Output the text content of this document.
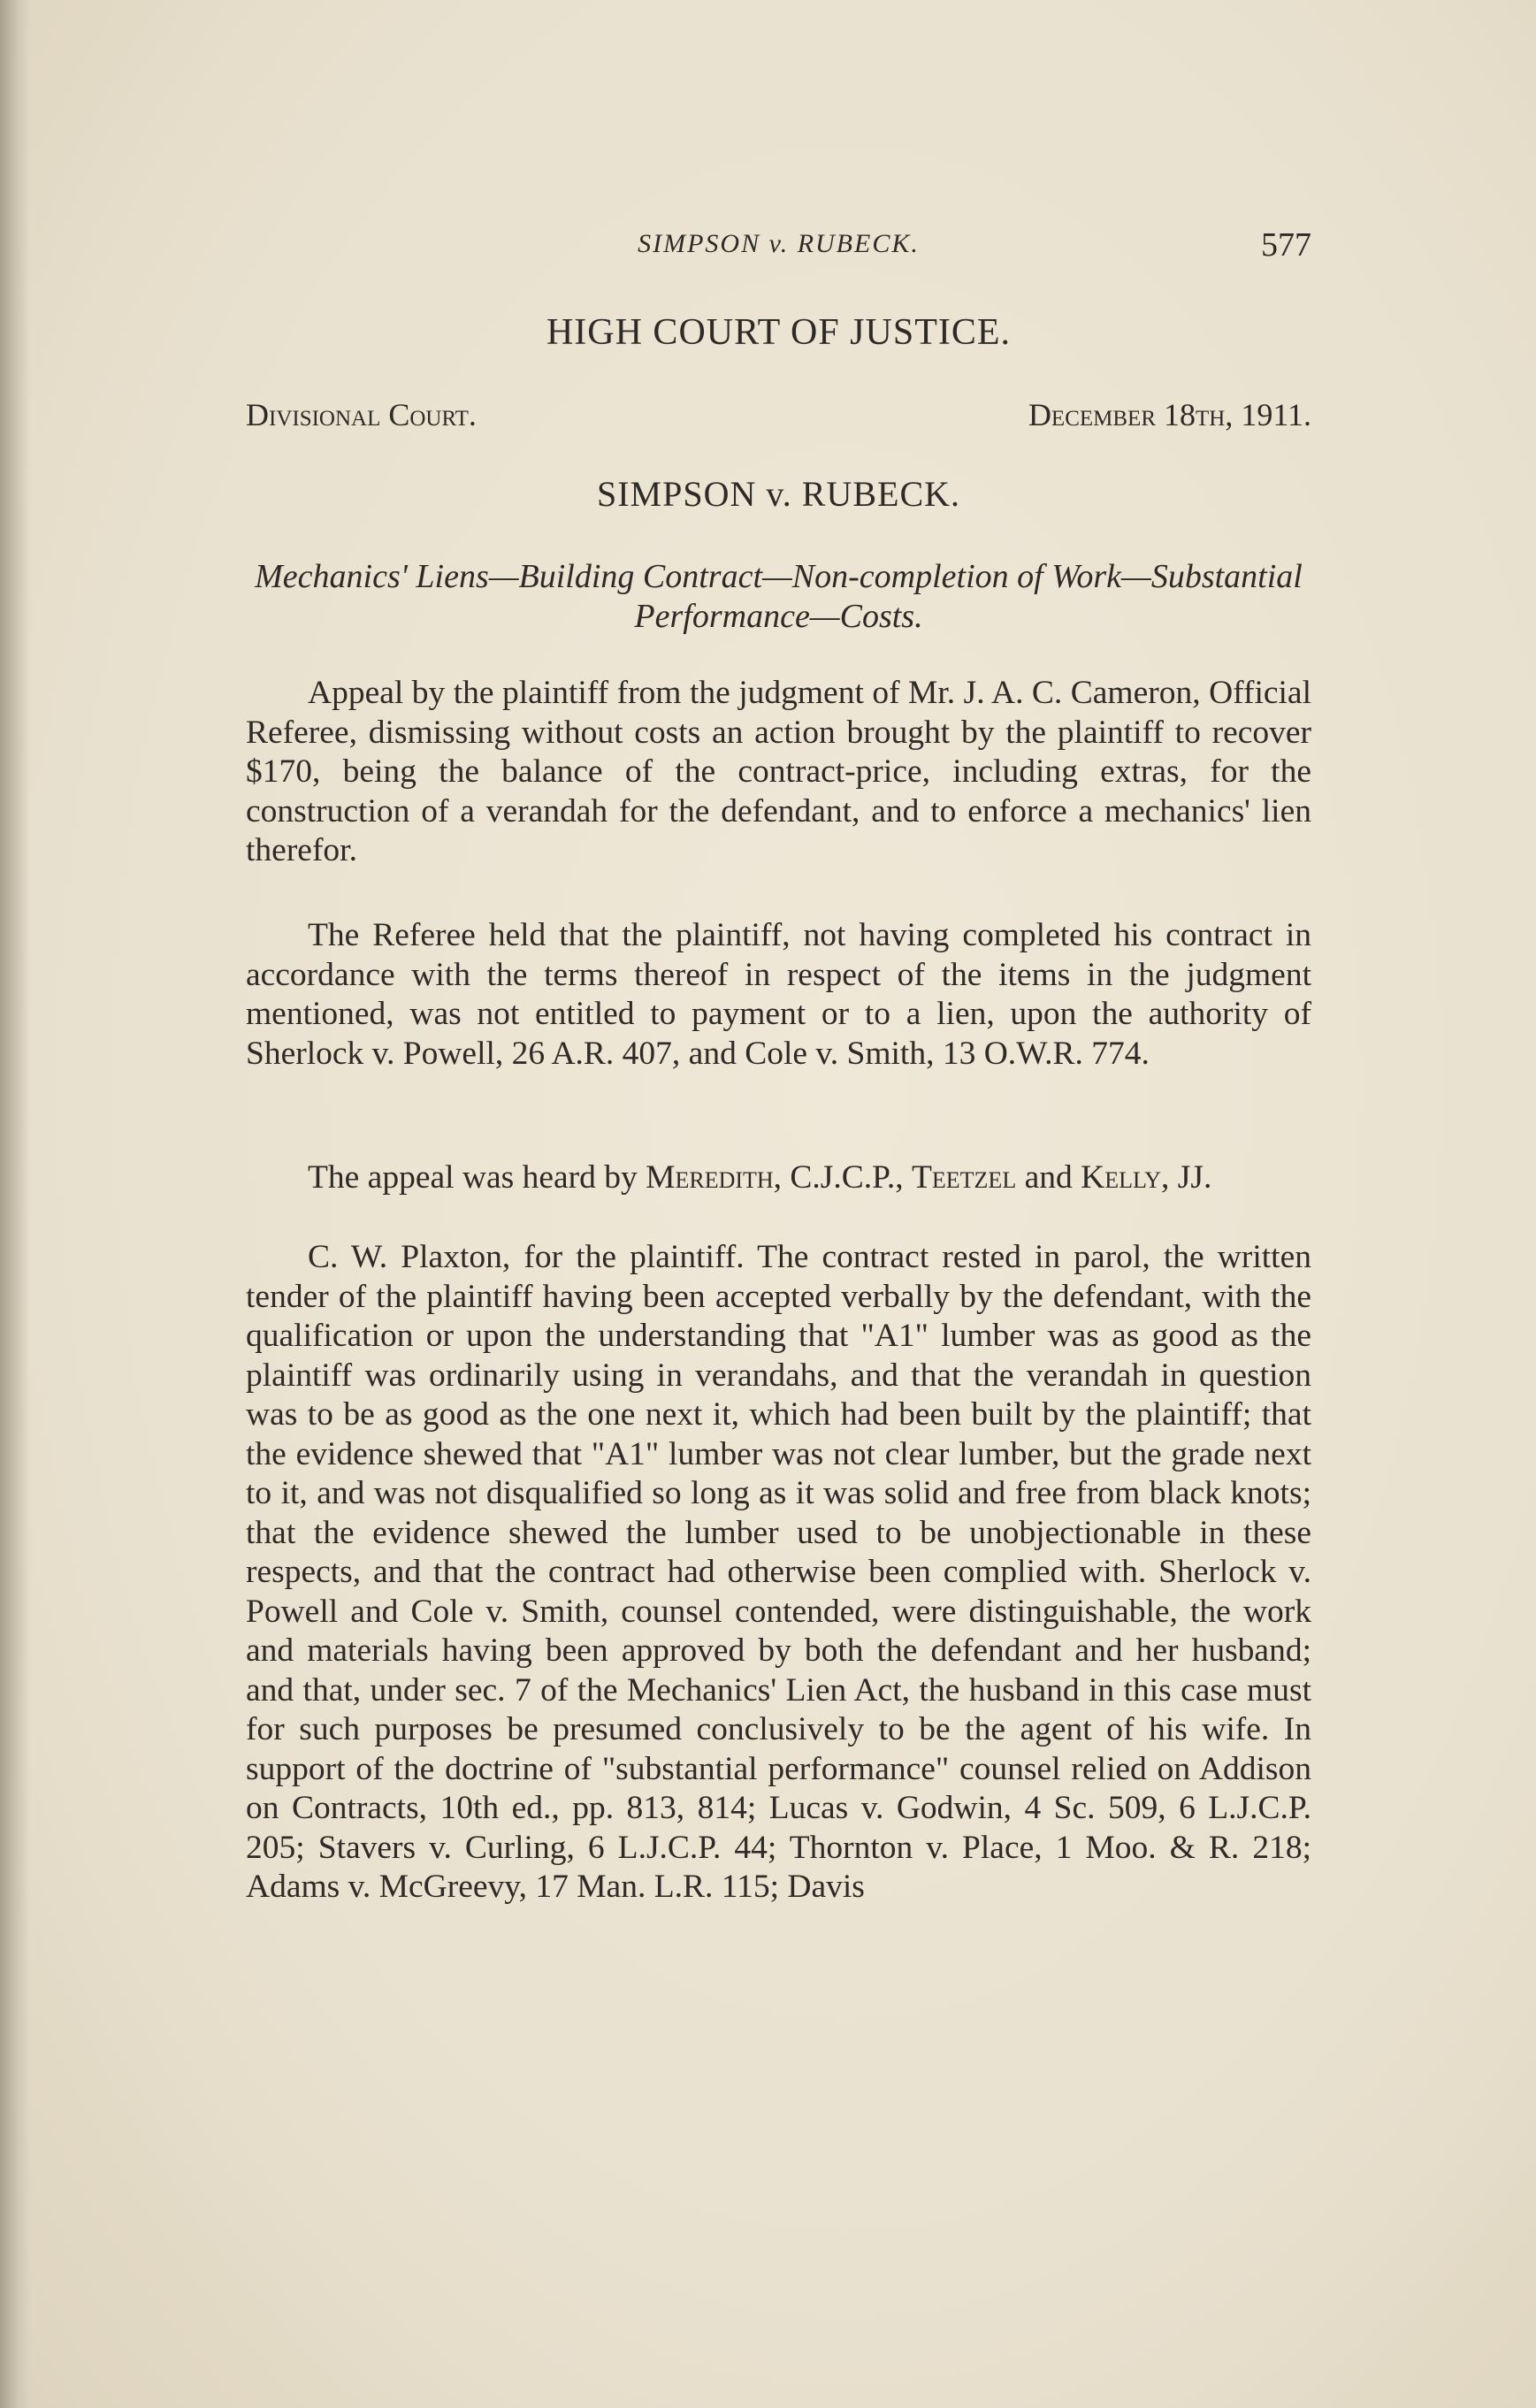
SIMPSON v. RUBECK.	577
HIGH COURT OF JUSTICE.
Divisional Court.	December 18th, 1911.
SIMPSON v. RUBECK.
Mechanics' Liens—Building Contract—Non-completion of Work—Substantial Performance—Costs.

Appeal by the plaintiff from the judgment of Mr. J. A. C. Cameron, Official Referee, dismissing without costs an action brought by the plaintiff to recover $170, being the balance of the contract-price, including extras, for the construction of a verandah for the defendant, and to enforce a mechanics' lien therefor.

The Referee held that the plaintiff, not having completed his contract in accordance with the terms thereof in respect of the items in the judgment mentioned, was not entitled to payment or to a lien, upon the authority of Sherlock v. Powell, 26 A.R. 407, and Cole v. Smith, 13 O.W.R. 774.

The appeal was heard by Meredith, C.J.C.P., Teetzel and Kelly, JJ.

C. W. Plaxton, for the plaintiff. The contract rested in parol, the written tender of the plaintiff having been accepted verbally by the defendant, with the qualification or upon the understanding that "A1" lumber was as good as the plaintiff was ordinarily using in verandahs, and that the verandah in question was to be as good as the one next it, which had been built by the plaintiff; that the evidence shewed that "A1" lumber was not clear lumber, but the grade next to it, and was not disqualified so long as it was solid and free from black knots; that the evidence shewed the lumber used to be unobjectionable in these respects, and that the contract had otherwise been complied with. Sherlock v. Powell and Cole v. Smith, counsel contended, were distinguishable, the work and materials having been approved by both the defendant and her husband; and that, under sec. 7 of the Mechanics' Lien Act, the husband in this case must for such purposes be presumed conclusively to be the agent of his wife. In support of the doctrine of "substantial performance" counsel relied on Addison on Contracts, 10th ed., pp. 813, 814; Lucas v. Godwin, 4 Sc. 509, 6 L.J.C.P. 205; Stavers v. Curling, 6 L.J.C.P. 44; Thornton v. Place, 1 Moo. & R. 218; Adams v. McGreevy, 17 Man. L.R. 115; Davis
